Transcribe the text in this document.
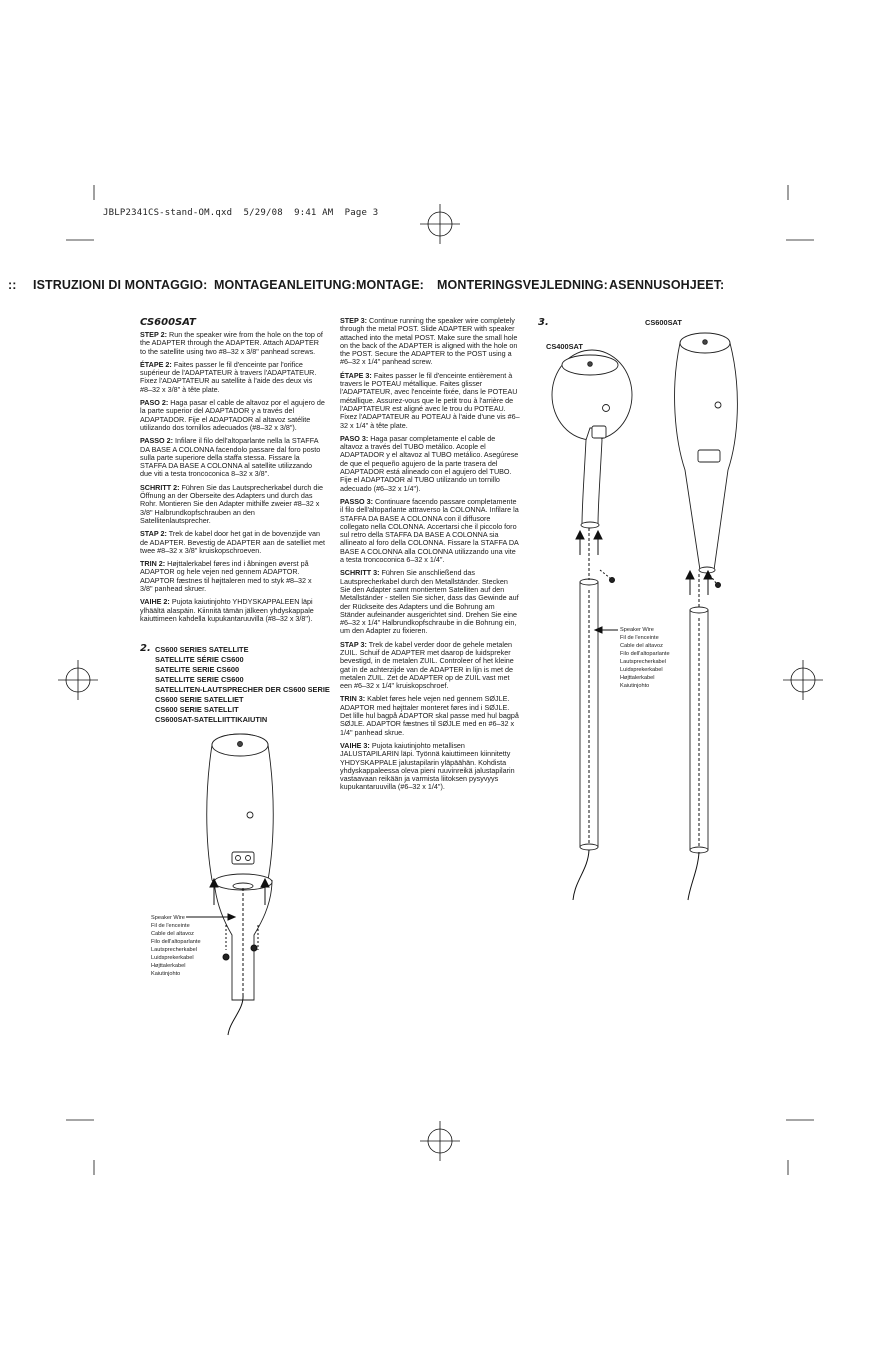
JBLP2341CS-stand-OM.qxd 5/29/08 9:41 AM Page 3
:: ISTRUZIONI DI MONTAGGIO: MONTAGEANLEITUNG: MONTAGE: MONTERINGSVEJLEDNING: ASENNUSOHJEET:
CS600SAT

STEP 2: Run the speaker wire from the hole on the top of the ADAPTER through the ADAPTER. Attach ADAPTER to the satellite using two #8–32 x 3/8" panhead screws.

ÉTAPE 2: Faites passer le fil d'enceinte par l'orifice supérieur de l'ADAPTATEUR à travers l'ADAPTATEUR. Fixez l'ADAPTATEUR au satellite à l'aide des deux vis #8–32 x 3/8" à tête plate.

PASO 2: Haga pasar el cable de altavoz por el agujero de la parte superior del ADAPTADOR y a través del ADAPTADOR. Fije el ADAPTADOR al altavoz satélite utilizando dos tornillos adecuados (#8–32 x 3/8").

PASSO 2: Infilare il filo dell'altoparlante nella la STAFFA DA BASE A COLONNA facendolo passare dal foro posto sulla parte superiore della staffa stessa. Fissare la STAFFA DA BASE A COLONNA al satellite utilizzando due viti a testa troncoconica 8–32 x 3/8".

SCHRITT 2: Führen Sie das Lautsprecherkabel durch die Öffnung an der Oberseite des Adapters und durch das Rohr. Montieren Sie den Adapter mithilfe zweier #8–32 x 3/8" Halbrundkopfschrauben an den Satellitenlautsprecher.

STAP 2: Trek de kabel door het gat in de bovenzijde van de ADAPTER. Bevestig de ADAPTER aan de satelliet met twee #8–32 x 3/8" kruiskopschroeven.

TRIN 2: Højttalerkabel føres ind i åbningen øverst på ADAPTOR og hele vejen ned gennem ADAPTOR. ADAPTOR fæstnes til højttaleren med to styk #8–32 x 3/8" panhead skruer.

VAIHE 2: Pujota kaiutinjohto YHDYSKAPPALEEN läpi ylhäältä alaspäin. Kiinnitä tämän jälkeen yhdyskappale kaiuttimeen kahdella kupukantaruuvilla (#8–32 x 3/8").

2. CS600 SERIES SATELLITE
SATELLITE SÉRIE CS600
SATELITE SERIE CS600
SATELLITE SERIE CS600
SATELLITEN-LAUTSPRECHER DER CS600 SERIE
CS600 SERIE SATELLIET
CS600 SERIE SATELLIT
CS600SAT-SATELLIITTIKAIUTIN
Speaker Wire
Fil de l'enceinte
Cable del altavoz
Filo dell'altoparlante
Lautsprecherkabel
Luidsprekerkabel
Højttalerkabel
Kaiutinjohto

STEP 3: Continue running the speaker wire completely through the metal POST. Slide ADAPTER with speaker attached into the metal POST. Make sure the small hole on the back of the ADAPTER is aligned with the hole on the POST. Secure the ADAPTER to the POST using a #6–32 x 1/4" panhead screw.

ÉTAPE 3: Faites passer le fil d'enceinte entièrement à travers le POTEAU métallique. Faites glisser l'ADAPTATEUR, avec l'enceinte fixée, dans le POTEAU métallique. Assurez-vous que le petit trou à l'arrière de l'ADAPTATEUR est aligné avec le trou du POTEAU. Fixez l'ADAPTATEUR au POTEAU à l'aide d'une vis #6–32 x 1/4" à tête plate.

PASO 3: Haga pasar completamente el cable de altavoz a través del TUBO metálico. Acople el ADAPTADOR y el altavoz al TUBO metálico. Asegúrese de que el pequeño agujero de la parte trasera del ADAPTADOR está alineado con el agujero del TUBO. Fije el ADAPTADOR al TUBO utilizando un tornillo adecuado (#6–32 x 1/4").

PASSO 3: Continuare facendo passare completamente il filo dell'altoparlante attraverso la COLONNA. Infilare la STAFFA DA BASE A COLONNA con il diffusore collegato nella COLONNA. Accertarsi che il piccolo foro sul retro della STAFFA DA BASE A COLONNA sia allineato al foro della COLONNA. Fissare la STAFFA DA BASE A COLONNA alla COLONNA utilizzando una vite a testa troncoconica 6–32 x 1/4".

SCHRITT 3: Führen Sie anschließend das Lautsprecherkabel durch den Metallständer. Stecken Sie den Adapter samt montiertem Satelliten auf den Metallständer - stellen Sie sicher, dass das Gewinde auf der Rückseite des Adapters und die Bohrung am Ständer aufeinander ausgerichtet sind. Drehen Sie eine #6–32 x 1/4" Halbrundkopfschraube in die Bohrung ein, um den Adapter zu fixieren.

STAP 3: Trek de kabel verder door de gehele metalen ZUIL. Schuif de ADAPTER met daarop de luidspreker bevestigd, in de metalen ZUIL. Controleer of het kleine gat in de achterzijde van de ADAPTER in lijn is met de metalen ZUIL. Zet de ADAPTER op de ZUIL vast met een #6–32 x 1/4" kruiskopschroef.

TRIN 3: Kablet føres hele vejen ned gennem SØJLE. ADAPTOR med højttaler monteret føres ind i SØJLE. Det lille hul bagpå ADAPTOR skal passe med hul bagpå SØJLE. ADAPTOR fæstnes til SØJLE med en #6–32 x 1/4" panhead skrue.

VAIHE 3: Pujota kaiutinjohto metallisen JALUSTAPILARIN läpi. Työnnä kaiuttimeen kiinnitetty YHDYSKAPPALE jalustapilarin yläpäähän. Kohdista yhdyskappaleessa oleva pieni ruuvinreikä jalustapilarin vastaavaan reikään ja varmista liitoksen pysyvyys kupukantaruuvilla (#6–32 x 1/4").

3.
CS400SAT
CS600SAT
Speaker Wire
Fil de l'enceinte
Cable del altavoz
Filo dell'altoparlante
Lautsprecherkabel
Luidsprekerkabel
Højttalerkabel
Kaiutinjohto
